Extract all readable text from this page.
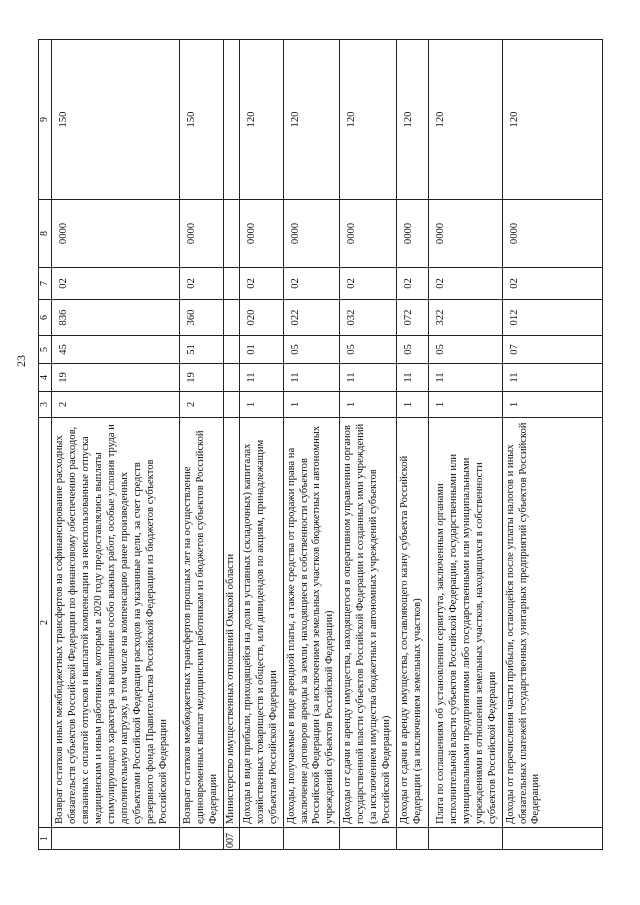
23
1	2	3	4	5	6	7	8	9
	Возврат остатков иных межбюджетных трансфертов на софинансирование расходных обязательств субъектов Российской Федерации по финансовому обеспечению расходов, связанных с оплатой отпусков и выплатой компенсации за неиспользованные отпуска медицинским и иным работникам, которым в 2020 году предоставлялись выплаты стимулирующего характера за выполнение особо важных работ, особые условия труда и дополнительную нагрузку, в том числе на компенсацию ранее произведенных субъектами Российской Федерации расходов на указанные цели, за счет средств резервного фонда Правительства Российской Федерации из бюджетов субъектов Российской Федерации	2	19	45	836	02	0000	150
	Возврат остатков межбюджетных трансфертов прошлых лет на осуществление единовременных выплат медицинским работникам из бюджетов субъектов Российской Федерации	2	19	51	360	02	0000	150
007	Министерство имущественных отношений Омской области							
	Доходы в виде прибыли, приходящейся на доли в уставных (складочных) капиталах хозяйственных товариществ и обществ, или дивидендов по акциям, принадлежащим субъектам Российской Федерации	1	11	01	020	02	0000	120
	Доходы, получаемые в виде арендной платы, а также средства от продажи права на заключение договоров аренды за земли, находящиеся в собственности субъектов Российской Федерации (за исключением земельных участков бюджетных и автономных учреждений субъектов Российской Федерации)	1	11	05	022	02	0000	120
	Доходы от сдачи в аренду имущества, находящегося в оперативном управлении органов государственной власти субъектов Российской Федерации и созданных ими учреждений (за исключением имущества бюджетных и автономных учреждений субъектов Российской Федерации)	1	11	05	032	02	0000	120
	Доходы от сдачи в аренду имущества, составляющего казну субъекта Российской Федерации (за исключением земельных участков)	1	11	05	072	02	0000	120
	Плата по соглашениям об установлении сервитута, заключенным органами исполнительной власти субъектов Российской Федерации, государственными или муниципальными предприятиями либо государственными или муниципальными учреждениями в отношении земельных участков, находящихся в собственности субъектов Российской Федерации	1	11	05	322	02	0000	120
	Доходы от перечисления части прибыли, остающейся после уплаты налогов и иных обязательных платежей государственных унитарных предприятий субъектов Российской Федерации	1	11	07	012	02	0000	120
